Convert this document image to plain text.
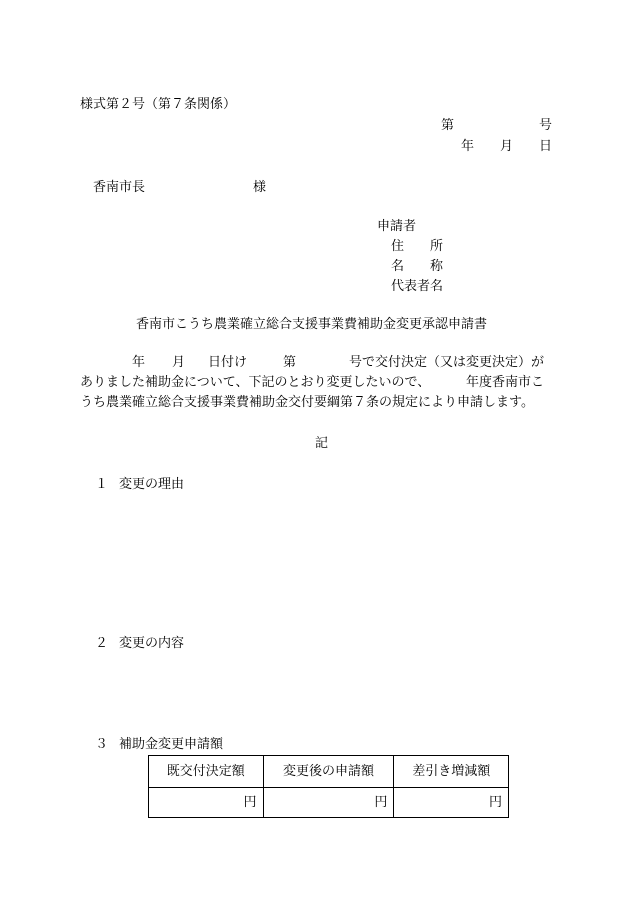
様式第２号（第７条関係）
第	号
年 月 日
香南市長	様
申請者
住　　所
名　　称
代表者名
香南市こうち農業確立総合支援事業費補助金変更承認申請書
年 月 日付け	第	号で交付決定（又は変更決定）が
ありました補助金について、下記のとおり変更したいので、	年度香南市こ
うち農業確立総合支援事業費補助金交付要綱第７条の規定により申請します。
記
１ 変更の理由
２ 変更の内容
３ 補助金変更申請額
既交付決定額	変更後の申請額	差引き増減額
円	円	円
